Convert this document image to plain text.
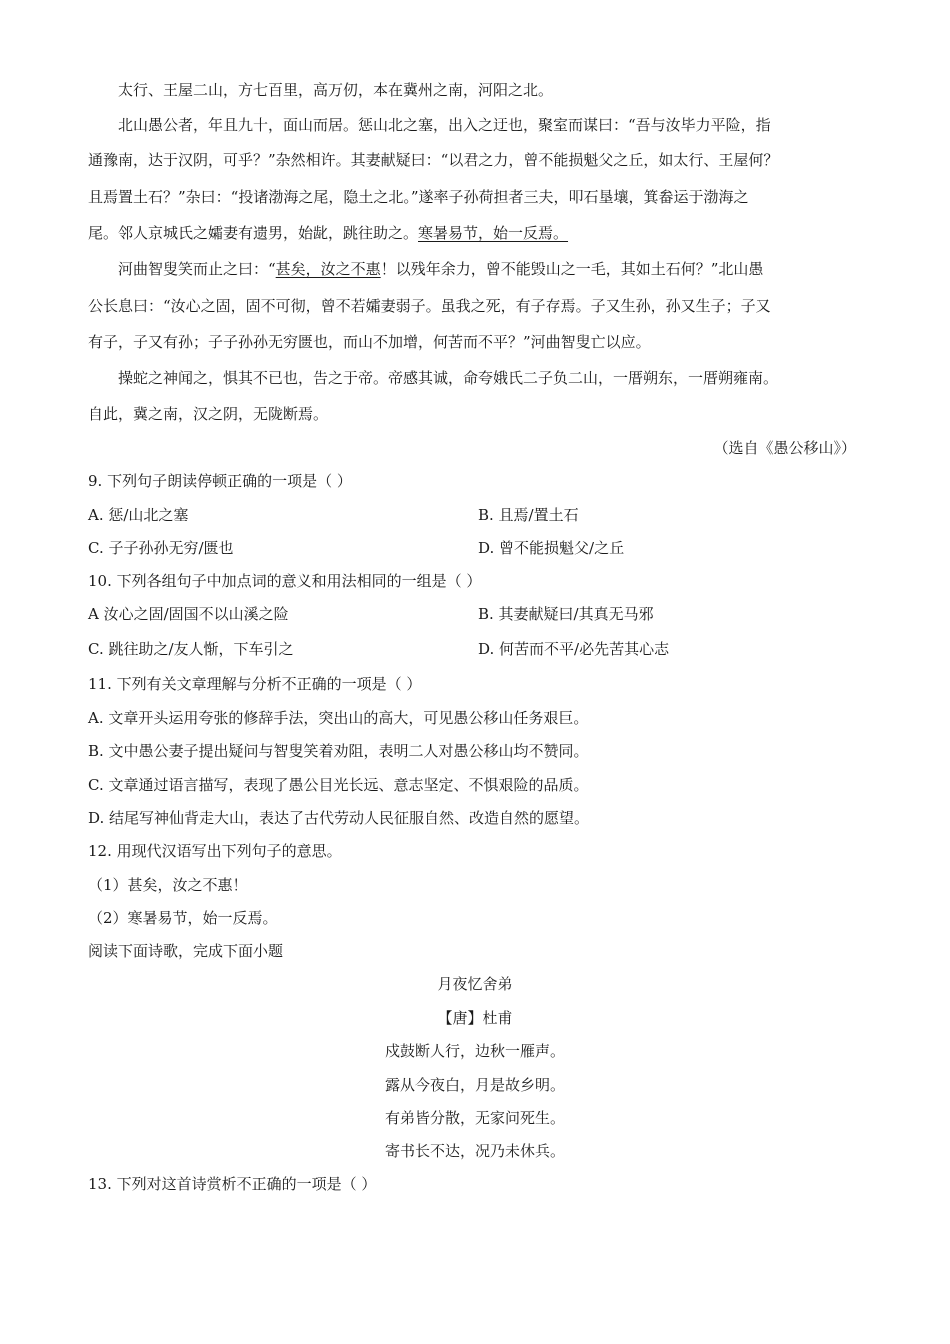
太行、王屋二山，方七百里，高万仞，本在冀州之南，河阳之北。
北山愚公者，年且九十，面山而居。惩山北之塞，出入之迂也，聚室而谋曰：“吾与汝毕力平险，指
通豫南，达于汉阴，可乎？”杂然相许。其妻献疑曰：“以君之力，曾不能损魁父之丘，如太行、王屋何？
且焉置土石？”杂曰：“投诸渤海之尾，隐土之北。”遂率子孙荷担者三夫，叩石垦壤，箕畚运于渤海之
尾。邻人京城氏之孀妻有遗男，始龀，跳往助之。寒暑易节，始一反焉。
河曲智叟笑而止之曰：“甚矣，汝之不惠！以残年余力，曾不能毁山之一毛，其如土石何？”北山愚
公长息曰：“汝心之固，固不可彻，曾不若孀妻弱子。虽我之死，有子存焉。子又生孙，孙又生子；子又
有子，子又有孙；子子孙孙无穷匮也，而山不加增，何苦而不平？”河曲智叟亡以应。
操蛇之神闻之，惧其不已也，告之于帝。帝感其诚，命夸娥氏二子负二山，一厝朔东，一厝朔雍南。
自此，冀之南，汉之阴，无陇断焉。
（选自《愚公移山》）
9. 下列句子朗读停顿正确的一项是（ ）
A. 惩/山北之塞	B. 且焉/置土石
C. 子子孙孙无穷/匮也	D. 曾不能损魁父/之丘
10. 下列各组句子中加点词的意义和用法相同的一组是（ ）
A 汝心之固/固国不以山溪之险	B. 其妻献疑曰/其真无马邪
C. 跳往助之/友人惭，下车引之	D. 何苦而不平/必先苦其心志
11. 下列有关文章理解与分析不正确的一项是（ ）
A. 文章开头运用夸张的修辞手法，突出山的高大，可见愚公移山任务艰巨。
B. 文中愚公妻子提出疑问与智叟笑着劝阻，表明二人对愚公移山均不赞同。
C. 文章通过语言描写，表现了愚公目光长远、意志坚定、不惧艰险的品质。
D. 结尾写神仙背走大山，表达了古代劳动人民征服自然、改造自然的愿望。
12. 用现代汉语写出下列句子的意思。
（1）甚矣，汝之不惠！
（2）寒暑易节，始一反焉。
阅读下面诗歌，完成下面小题
月夜忆舍弟
【唐】杜甫
戍鼓断人行，边秋一雁声。
露从今夜白，月是故乡明。
有弟皆分散，无家问死生。
寄书长不达，况乃未休兵。
13. 下列对这首诗赏析不正确的一项是（ ）
